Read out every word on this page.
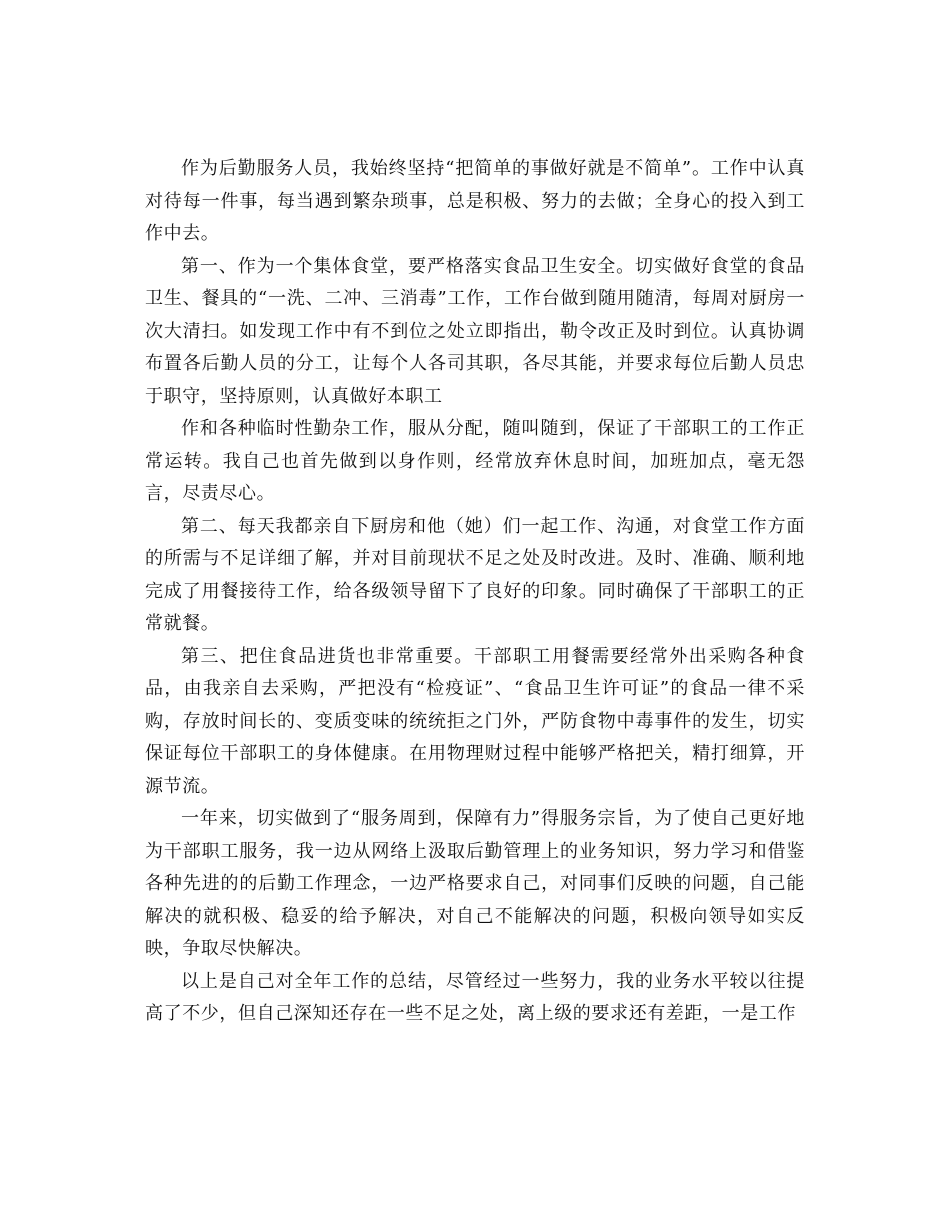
作为后勤服务人员，我始终坚持“把简单的事做好就是不简单”。工作中认真对待每一件事，每当遇到繁杂琐事，总是积极、努力的去做；全身心的投入到工作中去。

第一、作为一个集体食堂，要严格落实食品卫生安全。切实做好食堂的食品卫生、餐具的“一洗、二冲、三消毒”工作，工作台做到随用随清，每周对厨房一次大清扫。如发现工作中有不到位之处立即指出，勒令改正及时到位。认真协调布置各后勤人员的分工，让每个人各司其职，各尽其能，并要求每位后勤人员忠于职守，坚持原则，认真做好本职工

作和各种临时性勤杂工作，服从分配，随叫随到，保证了干部职工的工作正常运转。我自己也首先做到以身作则，经常放弃休息时间，加班加点，毫无怨言，尽责尽心。

第二、每天我都亲自下厨房和他（她）们一起工作、沟通，对食堂工作方面的所需与不足详细了解，并对目前现状不足之处及时改进。及时、准确、顺利地完成了用餐接待工作，给各级领导留下了良好的印象。同时确保了干部职工的正常就餐。

第三、把住食品进货也非常重要。干部职工用餐需要经常外出采购各种食品，由我亲自去采购，严把没有“检疫证”、“食品卫生许可证”的食品一律不采购，存放时间长的、变质变味的统统拒之门外，严防食物中毒事件的发生，切实保证每位干部职工的身体健康。在用物理财过程中能够严格把关，精打细算，开源节流。

一年来，切实做到了“服务周到，保障有力”得服务宗旨，为了使自己更好地为干部职工服务，我一边从网络上汲取后勤管理上的业务知识，努力学习和借鉴各种先进的的后勤工作理念，一边严格要求自己，对同事们反映的问题，自己能解决的就积极、稳妥的给予解决，对自己不能解决的问题，积极向领导如实反映，争取尽快解决。

以上是自己对全年工作的总结，尽管经过一些努力，我的业务水平较以往提高了不少，但自己深知还存在一些不足之处，离上级的要求还有差距，一是工作
